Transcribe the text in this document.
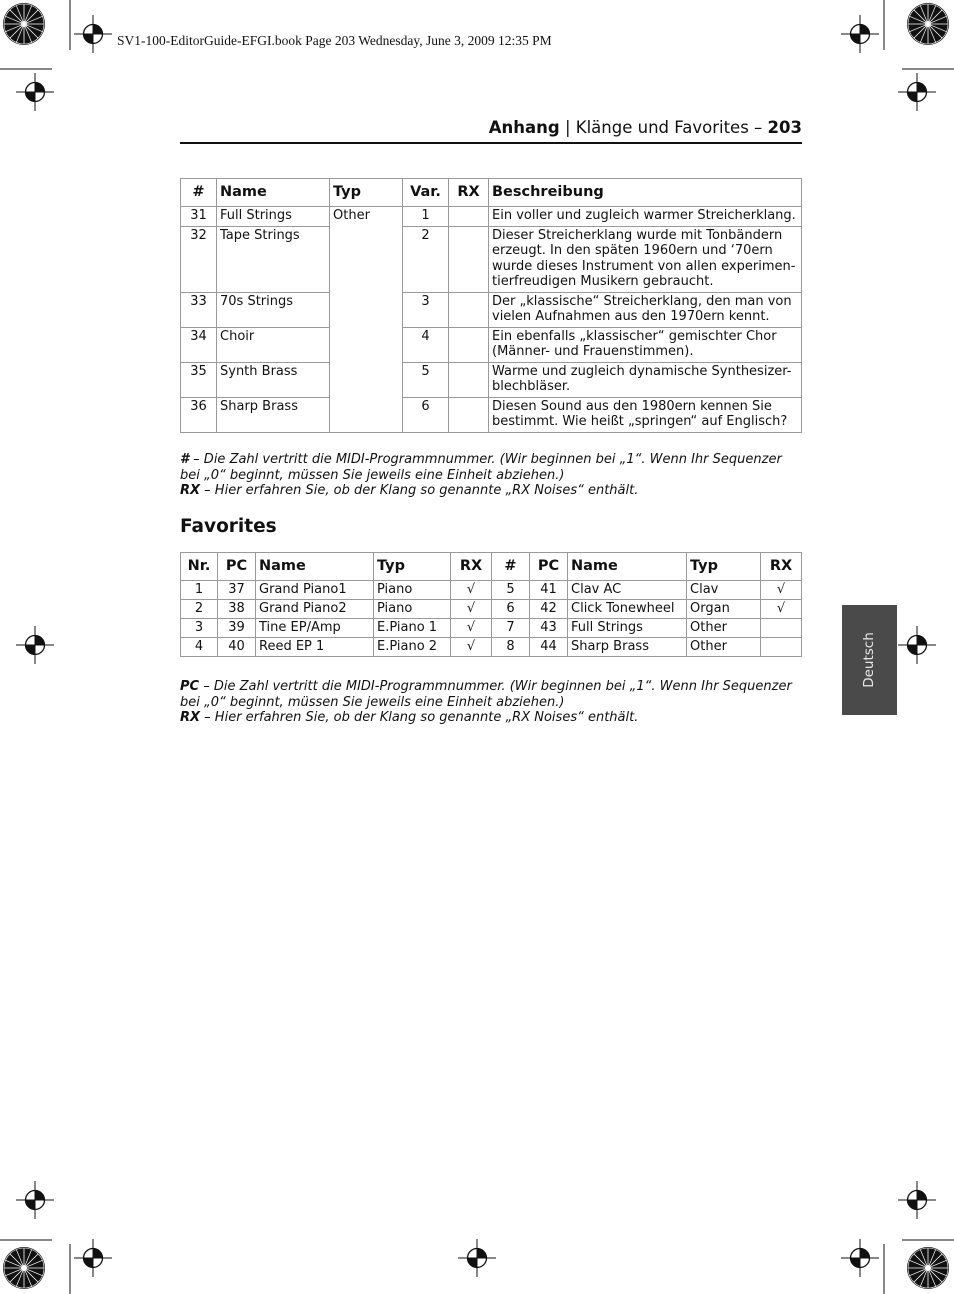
SV1-100-EditorGuide-EFGI.book Page 203 Wednesday, June 3, 2009 12:35 PM
Anhang | Klänge und Favorites – 203
#	Name	Typ	Var.	RX	Beschreibung
31	Full Strings	Other	1		Ein voller und zugleich warmer Streicherklang.
32	Tape Strings		2		Dieser Streicherklang wurde mit Tonbändern erzeugt. In den späten 1960ern und ‘70ern wurde dieses Instrument von allen experimen-tierfreudigen Musikern gebraucht.
33	70s Strings		3		Der „klassische“ Streicherklang, den man von vielen Aufnahmen aus den 1970ern kennt.
34	Choir		4		Ein ebenfalls „klassischer“ gemischter Chor (Männer- und Frauenstimmen).
35	Synth Brass		5		Warme und zugleich dynamische Synthesizer-blechbläser.
36	Sharp Brass		6		Diesen Sound aus den 1980ern kennen Sie bestimmt. Wie heißt „springen“ auf Englisch?
# – Die Zahl vertritt die MIDI-Programmnummer. (Wir beginnen bei „1“. Wenn Ihr Sequenzer bei „0“ beginnt, müssen Sie jeweils eine Einheit abziehen.)
RX – Hier erfahren Sie, ob der Klang so genannte „RX Noises“ enthält.
Favorites
Nr.	PC	Name	Typ	RX	#	PC	Name	Typ	RX
1	37	Grand Piano1	Piano	√	5	41	Clav AC	Clav	√
2	38	Grand Piano2	Piano	√	6	42	Click Tonewheel	Organ	√
3	39	Tine EP/Amp	E.Piano 1	√	7	43	Full Strings	Other	
4	40	Reed EP 1	E.Piano 2	√	8	44	Sharp Brass	Other	
PC – Die Zahl vertritt die MIDI-Programmnummer. (Wir beginnen bei „1“. Wenn Ihr Sequenzer bei „0“ beginnt, müssen Sie jeweils eine Einheit abziehen.)
RX – Hier erfahren Sie, ob der Klang so genannte „RX Noises“ enthält.
Deutsch
